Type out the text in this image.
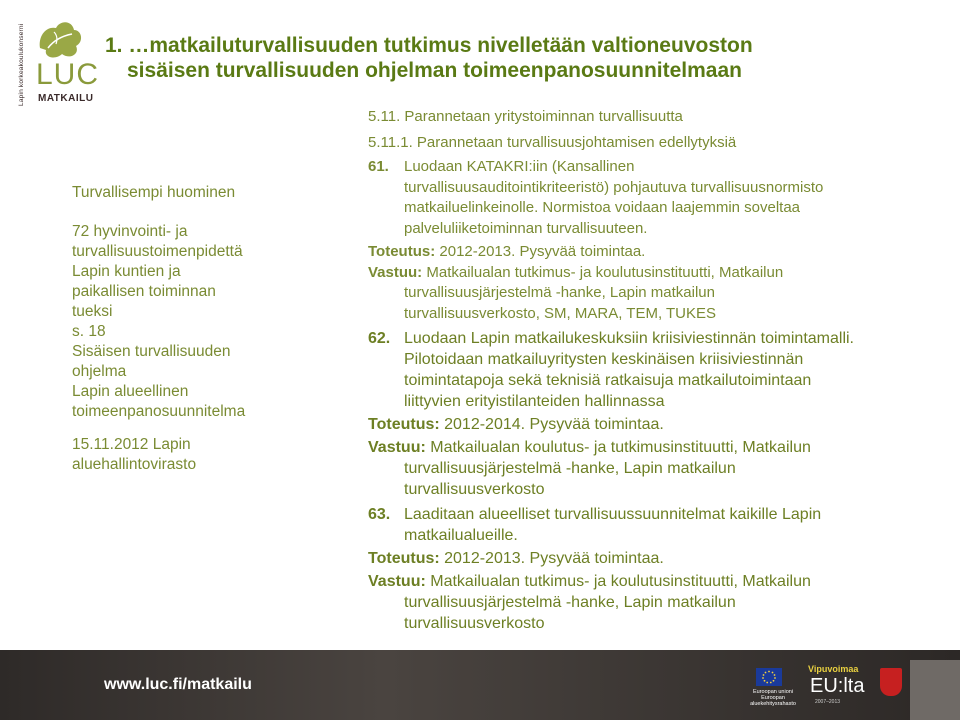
Lapin korkeakoulukonserni LUC
MATKAILU
1. …matkailuturvallisuuden tutkimus nivelletään valtioneuvoston
sisäisen turvallisuuden ohjelman toimeenpanosuunnitelmaan
Turvallisempi huominen
72 hyvinvointi- ja
turvallisuustoimenpidettä
Lapin kuntien ja
paikallisen toiminnan
tueksi
s. 18
Sisäisen turvallisuuden
ohjelma
Lapin alueellinen
toimeenpanosuunnitelma
15.11.2012 Lapin
aluehallintovirasto
5.11. Parannetaan yritystoiminnan turvallisuutta
5.11.1. Parannetaan turvallisuusjohtamisen edellytyksiä
61.	Luodaan KATAKRI:iin (Kansallinen
turvallisuusauditointikriteeristö) pohjautuva turvallisuusnormisto
matkailuelinkeinolle. Normistoa voidaan laajemmin soveltaa
palveluliiketoiminnan turvallisuuteen.
Toteutus: 2012-2013. Pysyvää toimintaa.
Vastuu: Matkailualan tutkimus- ja koulutusinstituutti, Matkailun
turvallisuusjärjestelmä -hanke, Lapin matkailun
turvallisuusverkosto, SM, MARA, TEM, TUKES
62. Luodaan Lapin matkailukeskuksiin kriisiviestinnän toimintamalli.
Pilotoidaan matkailuyritysten keskinäisen kriisiviestinnän
toimintatapoja sekä teknisiä ratkaisuja matkailutoimintaan
liittyvien erityistilanteiden hallinnassa
Toteutus: 2012-2014. Pysyvää toimintaa.
Vastuu: Matkailualan koulutus- ja tutkimusinstituutti, Matkailun
turvallisuusjärjestelmä -hanke, Lapin matkailun
turvallisuusverkosto
63. Laaditaan alueelliset turvallisuussuunnitelmat kaikille Lapin
matkailualueille.
Toteutus: 2012-2013. Pysyvää toimintaa.
Vastuu: Matkailualan tutkimus- ja koulutusinstituutti, Matkailun
turvallisuusjärjestelmä -hanke, Lapin matkailun
turvallisuusverkosto
www.luc.fi/matkailu	Euroopan unioni Euroopan aluekehitysrahasto
Vipuvoimaa
EU:lta
2007–2013
